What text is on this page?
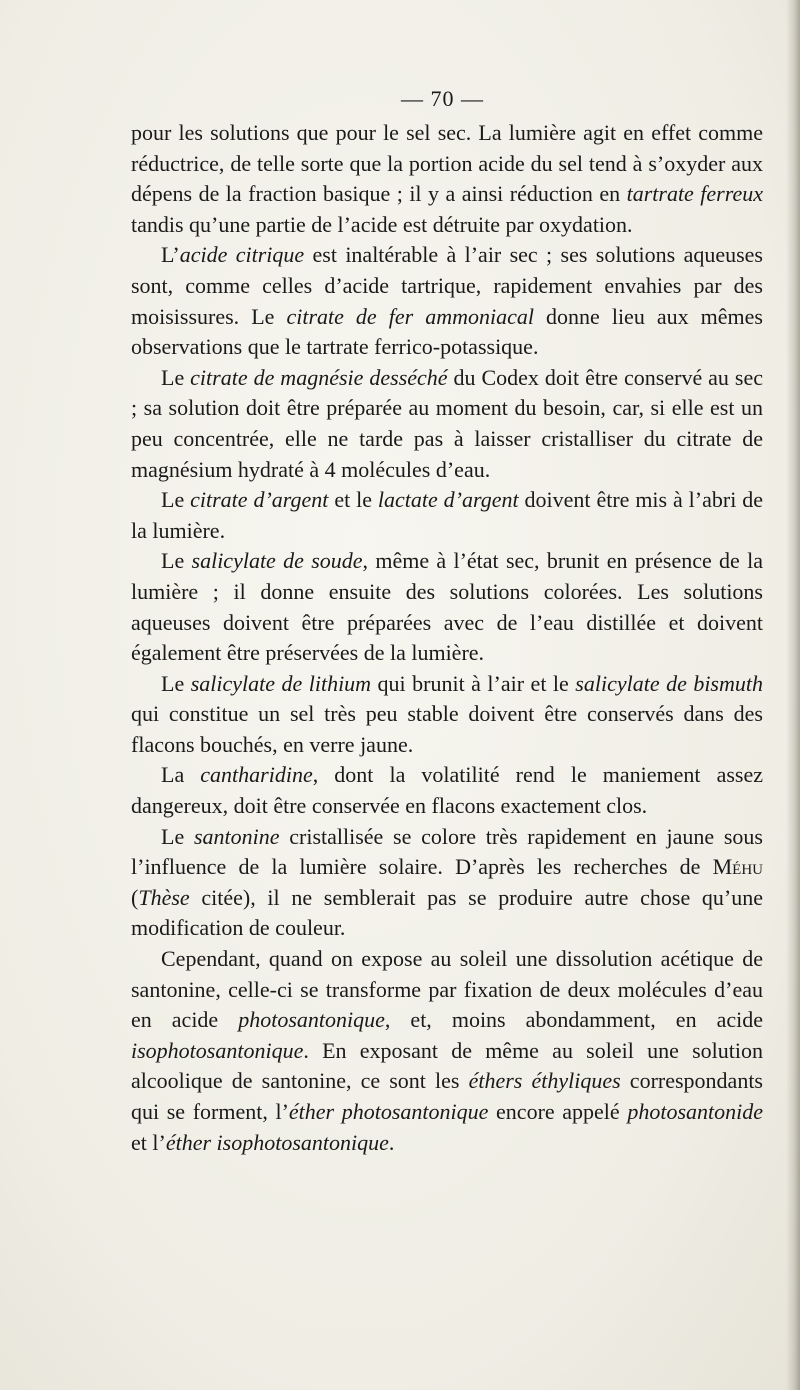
— 70 —

pour les solutions que pour le sel sec. La lumière agit en effet comme réductrice, de telle sorte que la portion acide du sel tend à s’oxyder aux dépens de la fraction basique ; il y a ainsi réduction en tartrate ferreux tandis qu’une partie de l’acide est détruite par oxydation.

L’acide citrique est inaltérable à l’air sec ; ses solutions aqueuses sont, comme celles d’acide tartrique, rapidement envahies par des moisissures. Le citrate de fer ammoniacal donne lieu aux mêmes observations que le tartrate ferrico-potassique.

Le citrate de magnésie desséché du Codex doit être conservé au sec ; sa solution doit être préparée au moment du besoin, car, si elle est un peu concentrée, elle ne tarde pas à laisser cristalliser du citrate de magnésium hydraté à 4 molécules d’eau.

Le citrate d’argent et le lactate d’argent doivent être mis à l’abri de la lumière.

Le salicylate de soude, même à l’état sec, brunit en présence de la lumière ; il donne ensuite des solutions colorées. Les solutions aqueuses doivent être préparées avec de l’eau distillée et doivent également être préservées de la lumière.

Le salicylate de lithium qui brunit à l’air et le salicylate de bismuth qui constitue un sel très peu stable doivent être conservés dans des flacons bouchés, en verre jaune.

La cantharidine, dont la volatilité rend le maniement assez dangereux, doit être conservée en flacons exactement clos.

Le santonine cristallisée se colore très rapidement en jaune sous l’influence de la lumière solaire. D’après les recherches de Méhu (Thèse citée), il ne semblerait pas se produire autre chose qu’une modification de couleur.

Cependant, quand on expose au soleil une dissolution acétique de santonine, celle-ci se transforme par fixation de deux molécules d’eau en acide photosantonique, et, moins abondamment, en acide isophotosantonique. En exposant de même au soleil une solution alcoolique de santonine, ce sont les éthers éthyliques correspondants qui se forment, l’éther photosantonique encore appelé photosantonide et l’éther isophotosantonique.
